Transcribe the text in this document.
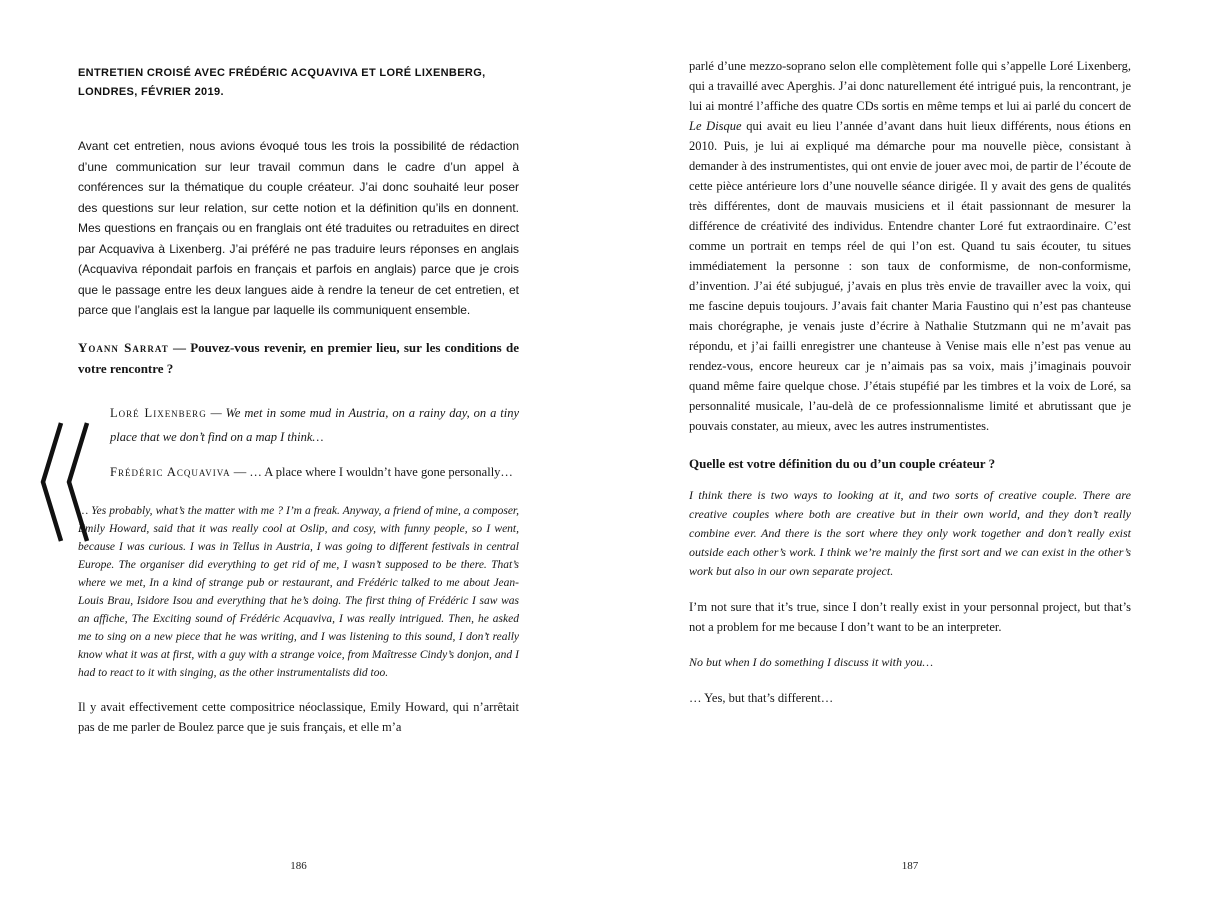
ENTRETIEN CROISÉ AVEC FRÉDÉRIC ACQUAVIVA ET LORÉ LIXENBERG, LONDRES, FÉVRIER 2019.

Avant cet entretien, nous avions évoqué tous les trois la possibilité de rédaction d’une communication sur leur travail commun dans le cadre d’un appel à conférences sur la thématique du couple créateur. J’ai donc souhaité leur poser des questions sur leur relation, sur cette notion et la définition qu’ils en donnent. Mes questions en français ou en franglais ont été traduites ou retraduites en direct par Acquaviva à Lixenberg. J’ai préféré ne pas traduire leurs réponses en anglais (Acquaviva répondait parfois en français et parfois en anglais) parce que je crois que le passage entre les deux langues aide à rendre la teneur de cet entretien, et parce que l’anglais est la langue par laquelle ils communiquent ensemble.

Yoann Sarrat — Pouvez-vous revenir, en premier lieu, sur les conditions de votre rencontre ?

Loré Lixenberg — We met in some mud in Austria, on a rainy day, on a tiny place that we don’t find on a map I think…

Frédéric Acquaviva — … A place where I wouldn’t have gone personally…

… Yes probably, what’s the matter with me ? I’m a freak. Anyway, a friend of mine, a composer, Emily Howard, said that it was really cool at Oslip, and cosy, with funny people, so I went, because I was curious. I was in Tellus in Austria, I was going to different festivals in central Europe. The organiser did everything to get rid of me, I wasn’t supposed to be there. That’s where we met, In a kind of strange pub or restaurant, and Frédéric talked to me about Jean-Louis Brau, Isidore Isou and everything that he’s doing. The first thing of Frédéric I saw was an affiche, The Exciting sound of Frédéric Acquaviva, I was really intrigued. Then, he asked me to sing on a new piece that he was writing, and I was listening to this sound, I don’t really know what it was at first, with a guy with a strange voice, from Maîtresse Cindy’s donjon, and I had to react to it with singing, as the other instrumentalists did too.

Il y avait effectivement cette compositrice néoclassique, Emily Howard, qui n’arrêtait pas de me parler de Boulez parce que je suis français, et elle m’a

186

parlé d’une mezzo-soprano selon elle complètement folle qui s’appelle Loré Lixenberg, qui a travaillé avec Aperghis. J’ai donc naturellement été intrigué puis, la rencontrant, je lui ai montré l’affiche des quatre CDs sortis en même temps et lui ai parlé du concert de Le Disque qui avait eu lieu l’année d’avant dans huit lieux différents, nous étions en 2010. Puis, je lui ai expliqué ma démarche pour ma nouvelle pièce, consistant à demander à des instrumentistes, qui ont envie de jouer avec moi, de partir de l’écoute de cette pièce antérieure lors d’une nouvelle séance dirigée. Il y avait des gens de qualités très différentes, dont de mauvais musiciens et il était passionnant de mesurer la différence de créativité des individus. Entendre chanter Loré fut extraordinaire. C’est comme un portrait en temps réel de qui l’on est. Quand tu sais écouter, tu situes immédiatement la personne : son taux de conformisme, de non-conformisme, d’invention. J’ai été subjugué, j’avais en plus très envie de travailler avec la voix, qui me fascine depuis toujours. J’avais fait chanter Maria Faustino qui n’est pas chanteuse mais chorégraphe, je venais juste d’écrire à Nathalie Stutzmann qui ne m’avait pas répondu, et j’ai failli enregistrer une chanteuse à Venise mais elle n’est pas venue au rendez-vous, encore heureux car je n’aimais pas sa voix, mais j’imaginais pouvoir quand même faire quelque chose. J’étais stupéfié par les timbres et la voix de Loré, sa personnalité musicale, l’au-delà de ce professionnalisme limité et abrutissant que je pouvais constater, au mieux, avec les autres instrumentistes.

Quelle est votre définition du ou d’un couple créateur ?

I think there is two ways to looking at it, and two sorts of creative couple. There are creative couples where both are creative but in their own world, and they don’t really combine ever. And there is the sort where they only work together and don’t really exist outside each other’s work. I think we’re mainly the first sort and we can exist in the other’s work but also in our own separate project.

I’m not sure that it’s true, since I don’t really exist in your personnal project, but that’s not a problem for me because I don’t want to be an interpreter.

No but when I do something I discuss it with you…

… Yes, but that’s different…

187
